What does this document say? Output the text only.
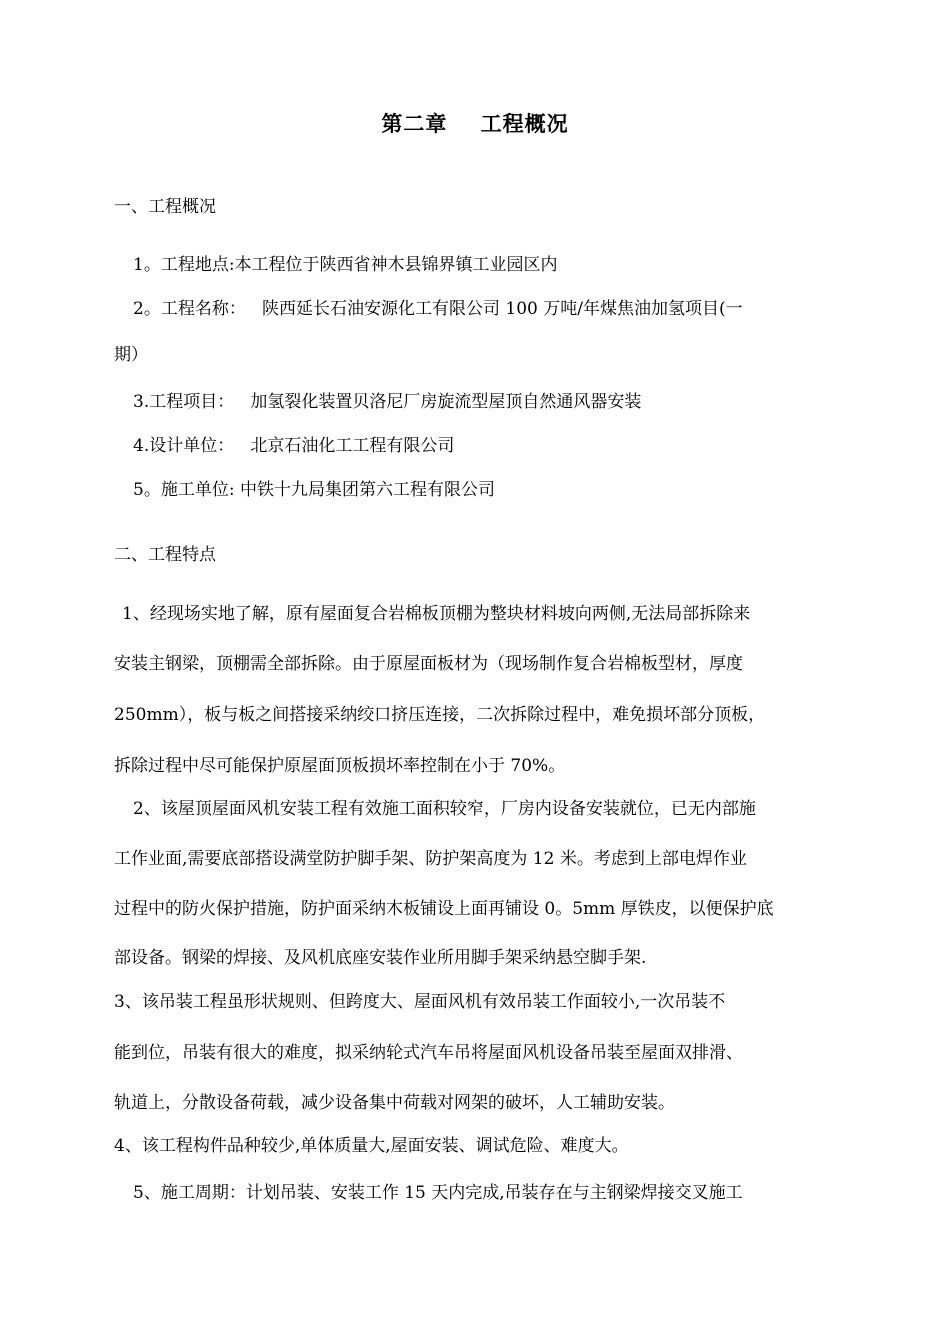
第二章    工程概况
一、工程概况
1。工程地点:本工程位于陕西省神木县锦界镇工业园区内
2。工程名称：   陕西延长石油安源化工有限公司 100 万吨/年煤焦油加氢项目(一
期）
3.工程项目：   加氢裂化装置贝洛尼厂房旋流型屋顶自然通风器安装
4.设计单位：   北京石油化工工程有限公司
5。施工单位: 中铁十九局集团第六工程有限公司
二、工程特点
1、经现场实地了解，原有屋面复合岩棉板顶棚为整块材料坡向两侧,无法局部拆除来
安装主钢梁，顶棚需全部拆除。由于原屋面板材为（现场制作复合岩棉板型材，厚度
250mm），板与板之间搭接采纳绞口挤压连接，二次拆除过程中，难免损坏部分顶板，
拆除过程中尽可能保护原屋面顶板损坏率控制在小于 70%。
2、该屋顶屋面风机安装工程有效施工面积较窄，厂房内设备安装就位，已无内部施
工作业面,需要底部搭设满堂防护脚手架、防护架高度为 12 米。考虑到上部电焊作业
过程中的防火保护措施，防护面采纳木板铺设上面再铺设 0。5mm 厚铁皮，以便保护底
部设备。钢梁的焊接、及风机底座安装作业所用脚手架采纳悬空脚手架.
3、该吊装工程虽形状规则、但跨度大、屋面风机有效吊装工作面较小,一次吊装不
能到位，吊装有很大的难度，拟采纳轮式汽车吊将屋面风机设备吊装至屋面双排滑、
轨道上，分散设备荷载，减少设备集中荷载对网架的破坏，人工辅助安装。
4、该工程构件品种较少,单体质量大,屋面安装、调试危险、难度大。
5、施工周期：计划吊装、安装工作 15 天内完成,吊装存在与主钢梁焊接交叉施工
